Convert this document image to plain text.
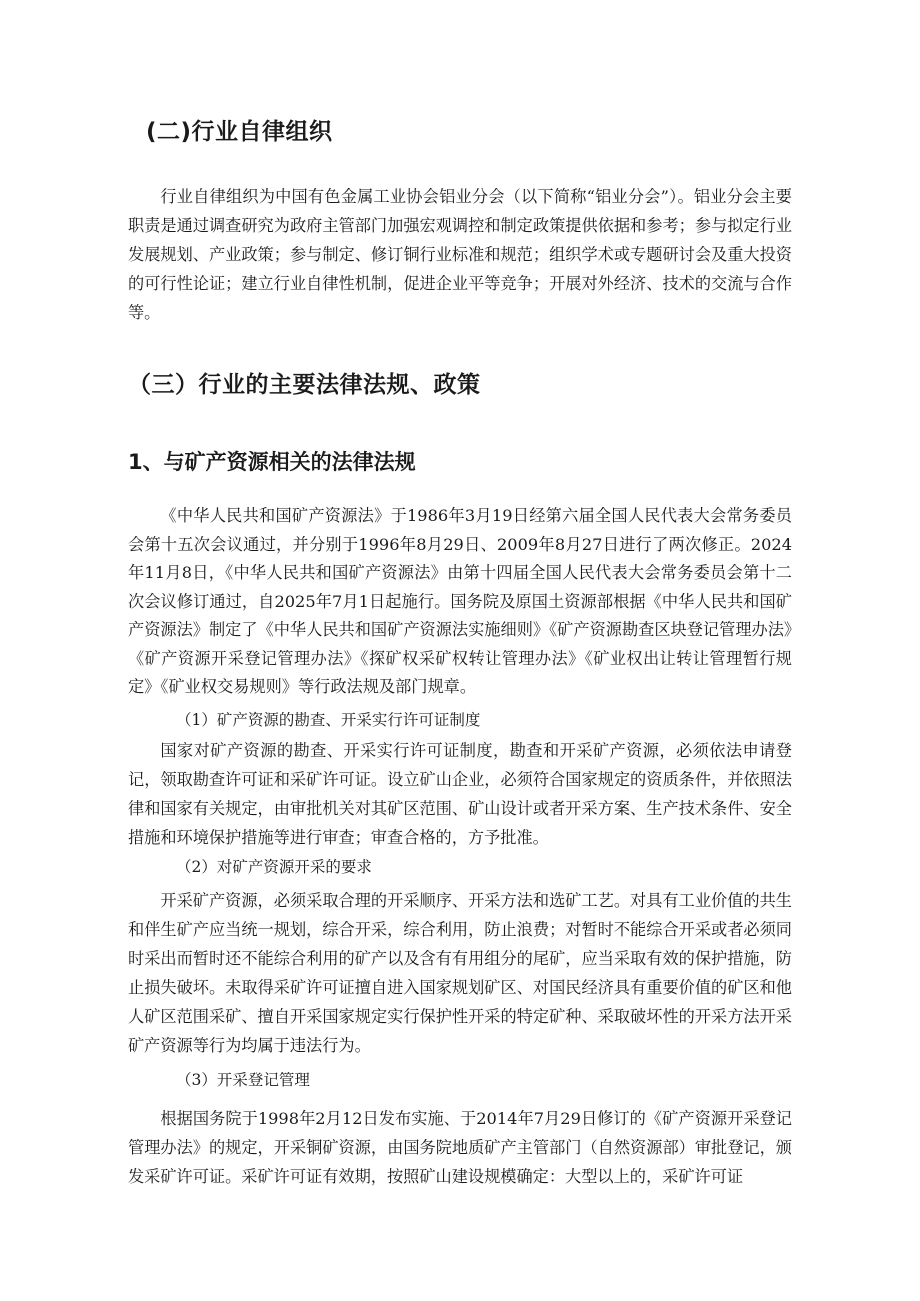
(二)行业自律组织

行业自律组织为中国有色金属工业协会铝业分会（以下简称“铝业分会”）。铝业分会主要职责是通过调查研究为政府主管部门加强宏观调控和制定政策提供依据和参考；参与拟定行业发展规划、产业政策；参与制定、修订铜行业标准和规范；组织学术或专题研讨会及重大投资的可行性论证；建立行业自律性机制，促进企业平等竞争；开展对外经济、技术的交流与合作等。

（三）行业的主要法律法规、政策
1、与矿产资源相关的法律法规

《中华人民共和国矿产资源法》于1986年3月19日经第六届全国人民代表大会常务委员会第十五次会议通过，并分别于1996年8月29日、2009年8月27日进行了两次修正。2024年11月8日，《中华人民共和国矿产资源法》由第十四届全国人民代表大会常务委员会第十二次会议修订通过，自2025年7月1日起施行。国务院及原国土资源部根据《中华人民共和国矿产资源法》制定了《中华人民共和国矿产资源法实施细则》《矿产资源勘查区块登记管理办法》《矿产资源开采登记管理办法》《探矿权采矿权转让管理办法》《矿业权出让转让管理暂行规定》《矿业权交易规则》等行政法规及部门规章。

（1）矿产资源的勘查、开采实行许可证制度

国家对矿产资源的勘查、开采实行许可证制度，勘查和开采矿产资源，必须依法申请登记，领取勘查许可证和采矿许可证。设立矿山企业，必须符合国家规定的资质条件，并依照法律和国家有关规定，由审批机关对其矿区范围、矿山设计或者开采方案、生产技术条件、安全措施和环境保护措施等进行审查；审查合格的，方予批准。

（2）对矿产资源开采的要求

开采矿产资源，必须采取合理的开采顺序、开采方法和选矿工艺。对具有工业价值的共生和伴生矿产应当统一规划，综合开采，综合利用，防止浪费；对暂时不能综合开采或者必须同时采出而暂时还不能综合利用的矿产以及含有有用组分的尾矿，应当采取有效的保护措施，防止损失破坏。未取得采矿许可证擅自进入国家规划矿区、对国民经济具有重要价值的矿区和他人矿区范围采矿、擅自开采国家规定实行保护性开采的特定矿种、采取破坏性的开采方法开采矿产资源等行为均属于违法行为。

（3）开采登记管理

根据国务院于1998年2月12日发布实施、于2014年7月29日修订的《矿产资源开采登记管理办法》的规定，开采铜矿资源，由国务院地质矿产主管部门（自然资源部）审批登记，颁发采矿许可证。采矿许可证有效期，按照矿山建设规模确定：大型以上的，采矿许可证
